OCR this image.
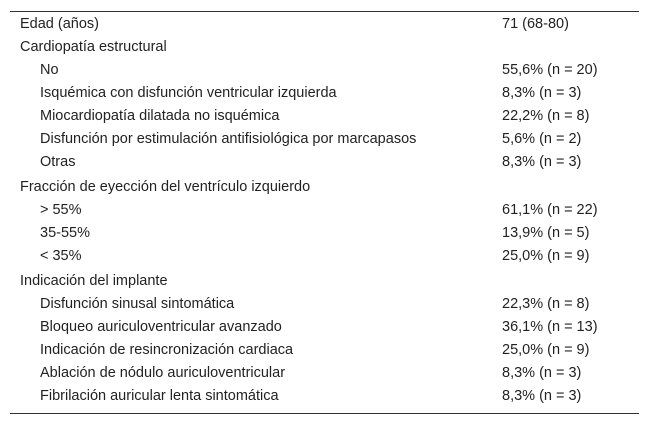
Edad (años)	71 (68-80)
Cardiopatía estructural
No	55,6% (n = 20)
Isquémica con disfunción ventricular izquierda	8,3% (n = 3)
Miocardiopatía dilatada no isquémica	22,2% (n = 8)
Disfunción por estimulación antifisiológica por marcapasos	5,6% (n = 2)
Otras	8,3% (n = 3)
Fracción de eyección del ventrículo izquierdo
> 55%	61,1% (n = 22)
35-55%	13,9% (n = 5)
< 35%	25,0% (n = 9)
Indicación del implante
Disfunción sinusal sintomática	22,3% (n = 8)
Bloqueo auriculoventricular avanzado	36,1% (n = 13)
Indicación de resincronización cardiaca	25,0% (n = 9)
Ablación de nódulo auriculoventricular	8,3% (n = 3)
Fibrilación auricular lenta sintomática	8,3% (n = 3)
